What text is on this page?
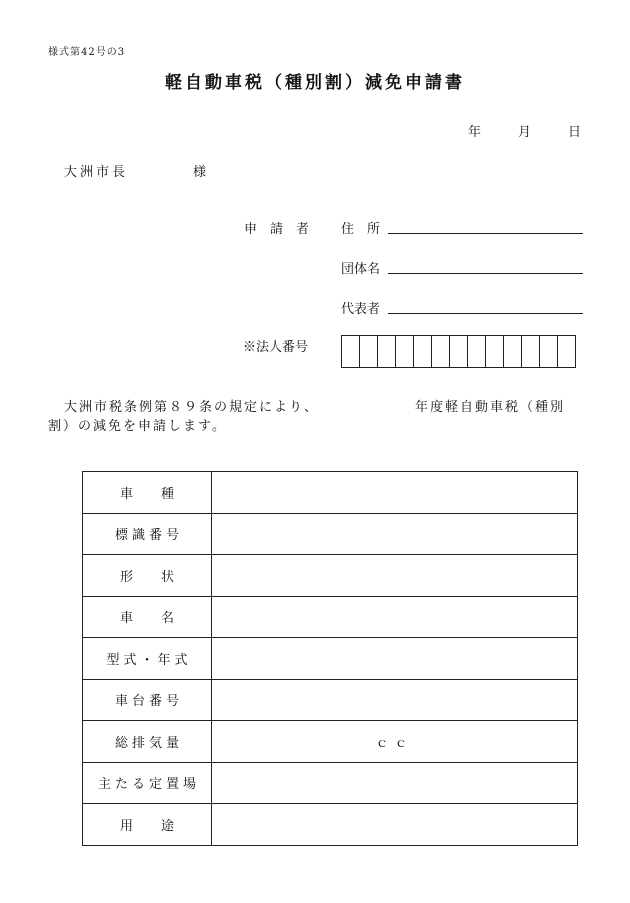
様式第42号の3
軽自動車税（種別割）減免申請書
年	月	日
大洲市長	様
申　請　者 住　所
団体名
代表者
※法人番号
大洲市税条例第８９条の規定により、	年度軽自動車税（種別
割）の減免を申請します。
車種	
標識番号	
形状	
車名	
型式・年式	
車台番号	
総排気量	ｃｃ
主たる定置場	
用途	
